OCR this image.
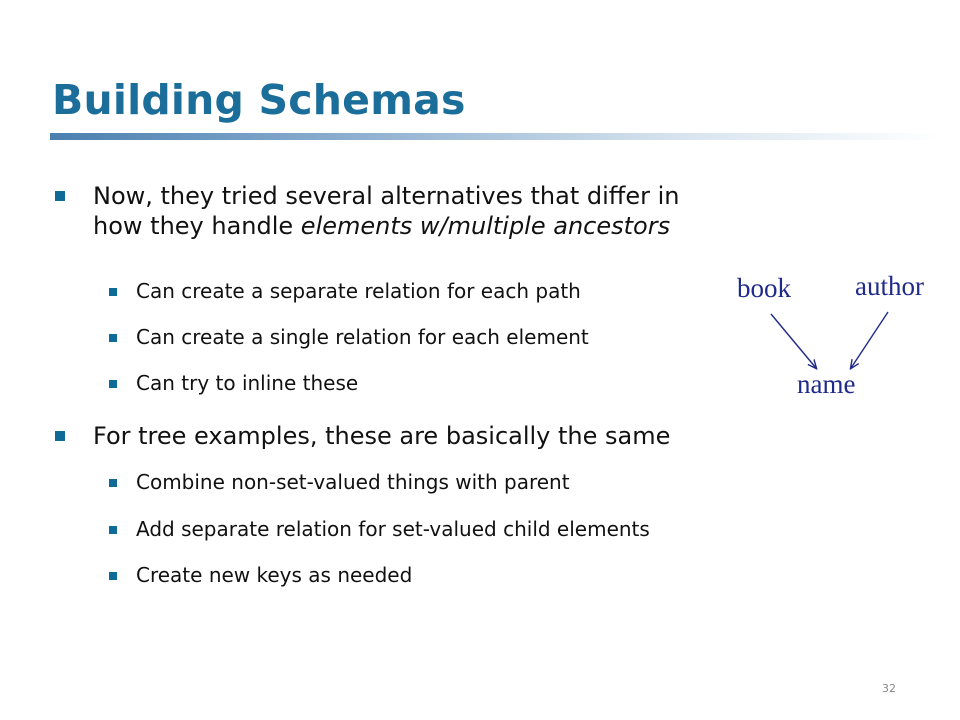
Building Schemas
Now, they tried several alternatives that differ in
how they handle elements w/multiple ancestors
Can create a separate relation for each path
Can create a single relation for each element
Can try to inline these
For tree examples, these are basically the same
Combine non-set-valued things with parent
Add separate relation for set-valued child elements
Create new keys as needed
book author
name
32
